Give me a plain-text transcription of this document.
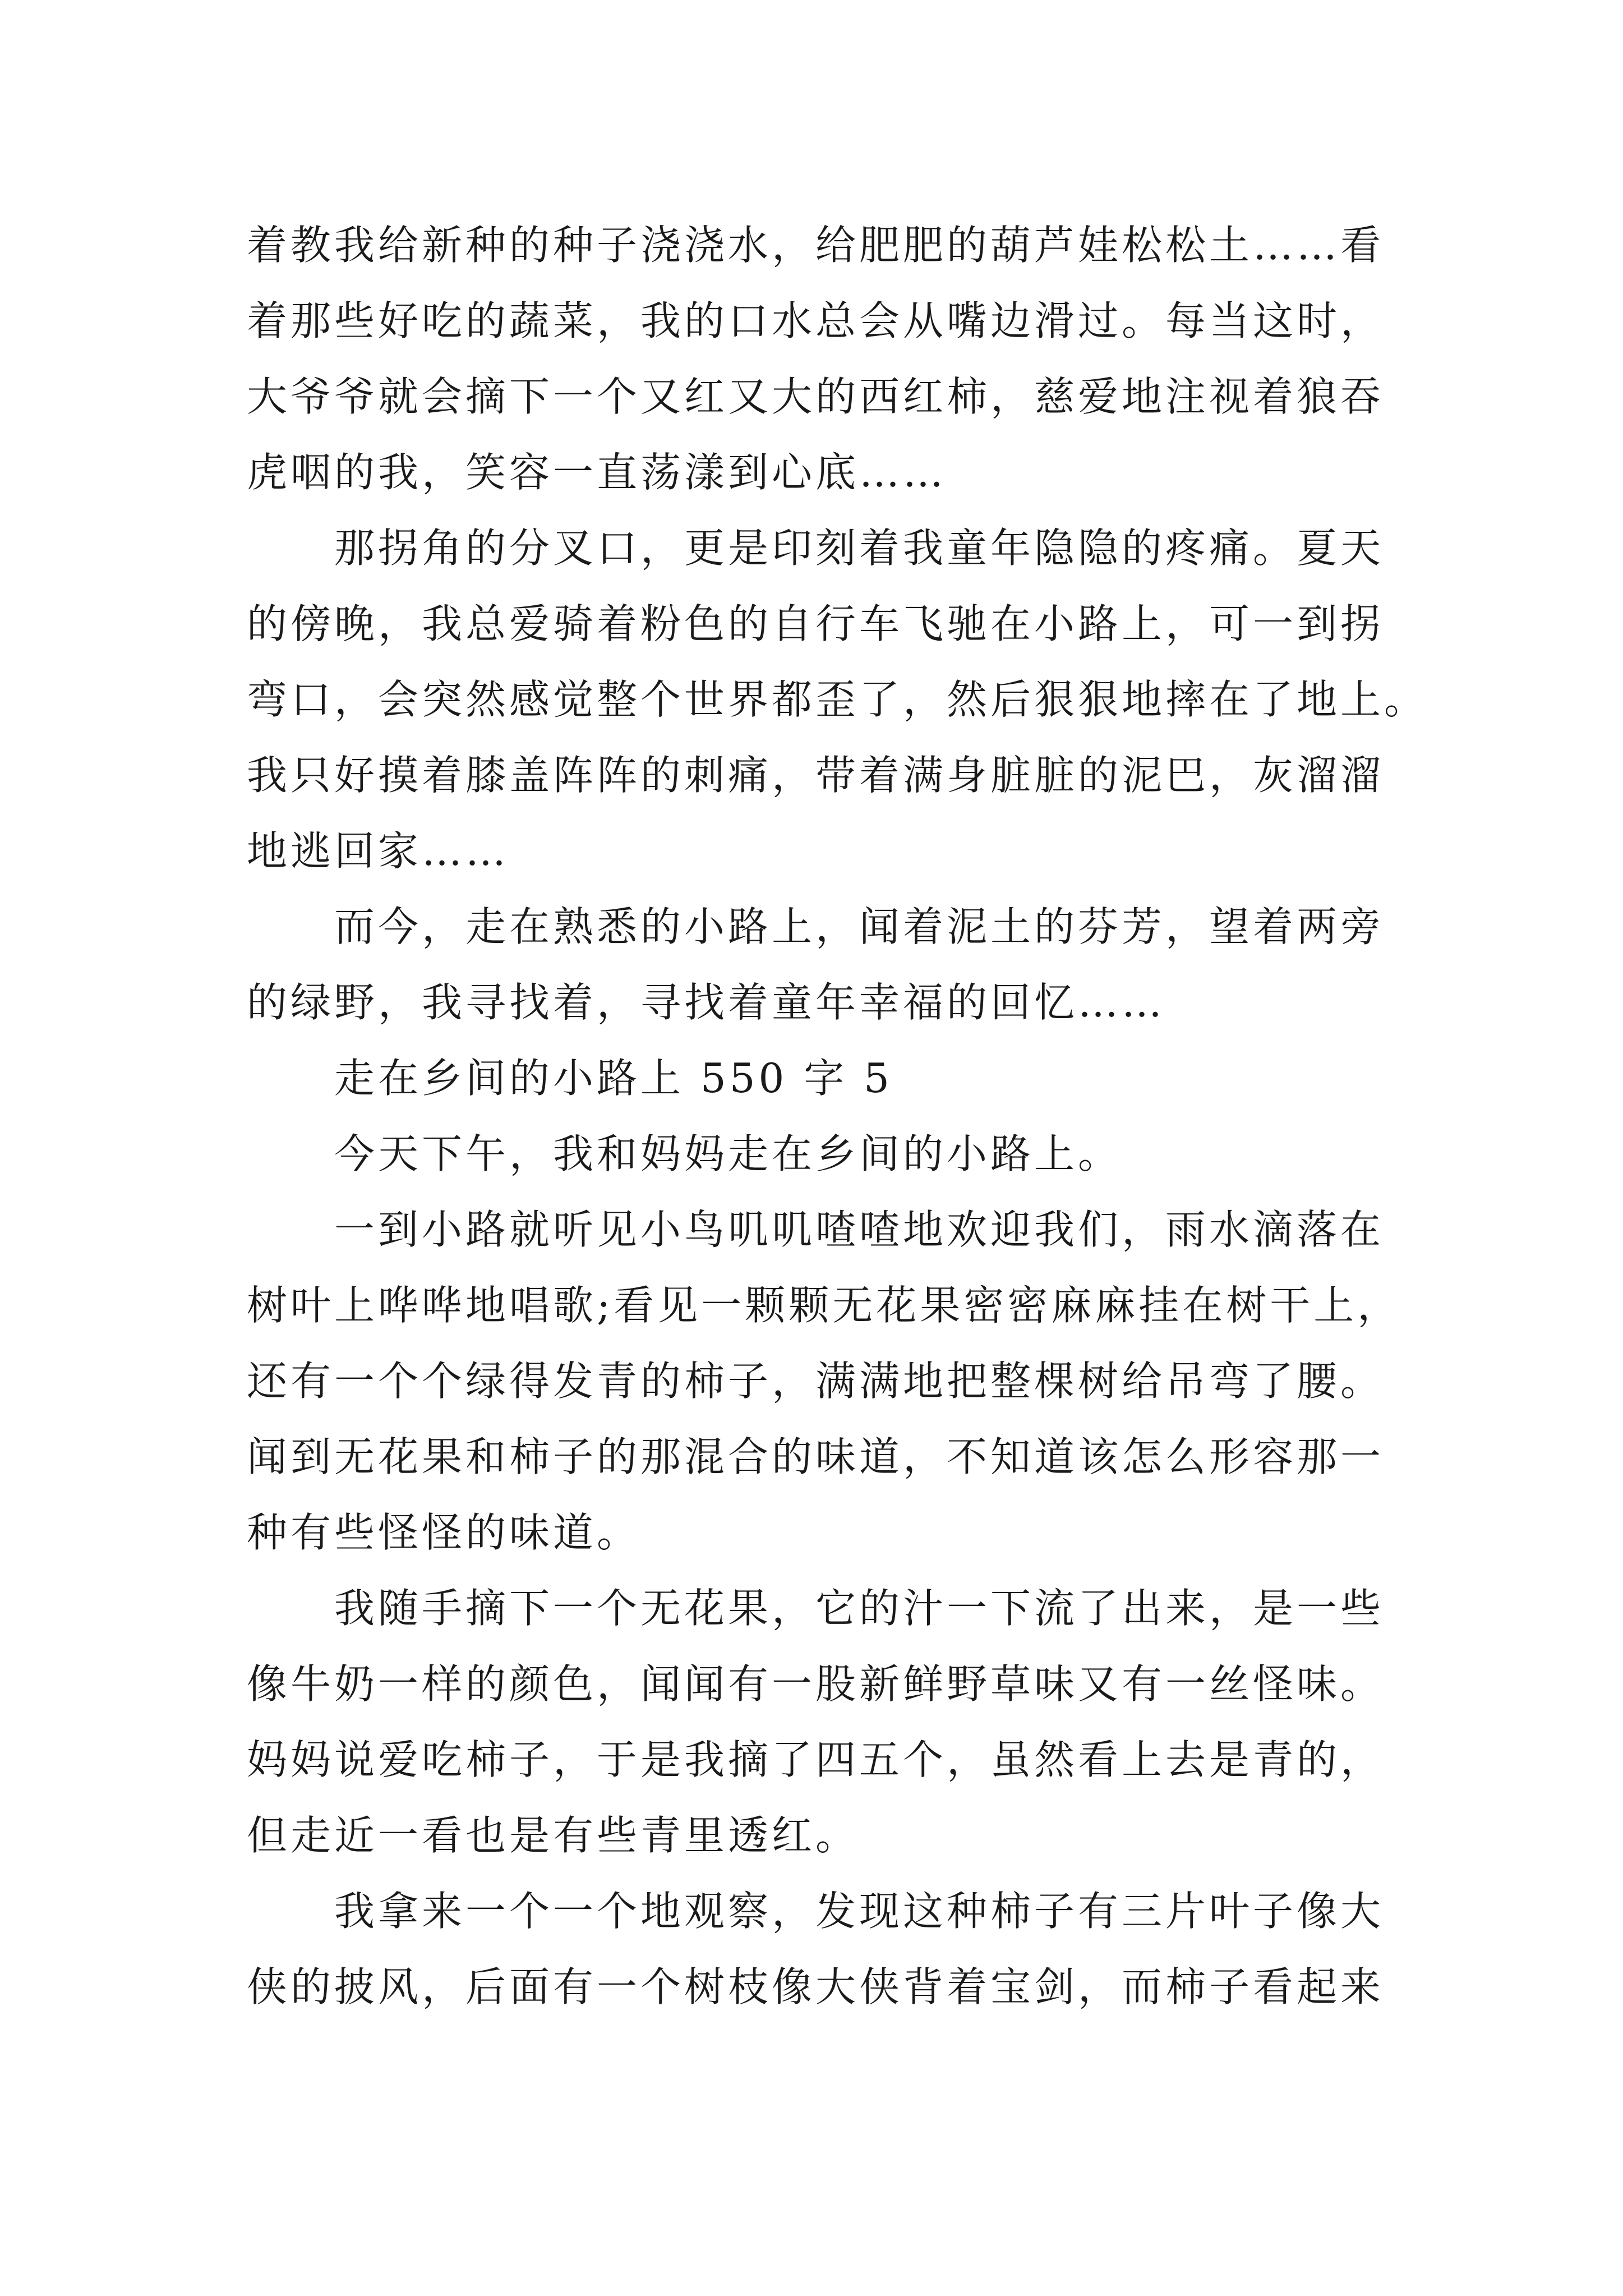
着教我给新种的种子浇浇水，给肥肥的葫芦娃松松土……看
着那些好吃的蔬菜，我的口水总会从嘴边滑过。每当这时，
大爷爷就会摘下一个又红又大的西红柿，慈爱地注视着狼吞
虎咽的我，笑容一直荡漾到心底……
那拐角的分叉口，更是印刻着我童年隐隐的疼痛。夏天
的傍晚，我总爱骑着粉色的自行车飞驰在小路上，可一到拐
弯口，会突然感觉整个世界都歪了，然后狠狠地摔在了地上。
我只好摸着膝盖阵阵的刺痛，带着满身脏脏的泥巴，灰溜溜
地逃回家……
而今，走在熟悉的小路上，闻着泥土的芬芳，望着两旁
的绿野，我寻找着，寻找着童年幸福的回忆……
走在乡间的小路上 550 字 5
今天下午，我和妈妈走在乡间的小路上。
一到小路就听见小鸟叽叽喳喳地欢迎我们，雨水滴落在
树叶上哗哗地唱歌;看见一颗颗无花果密密麻麻挂在树干上，
还有一个个绿得发青的柿子，满满地把整棵树给吊弯了腰。
闻到无花果和柿子的那混合的味道，不知道该怎么形容那一
种有些怪怪的味道。
我随手摘下一个无花果，它的汁一下流了出来，是一些
像牛奶一样的颜色，闻闻有一股新鲜野草味又有一丝怪味。
妈妈说爱吃柿子，于是我摘了四五个，虽然看上去是青的，
但走近一看也是有些青里透红。
我拿来一个一个地观察，发现这种柿子有三片叶子像大
侠的披风，后面有一个树枝像大侠背着宝剑，而柿子看起来
